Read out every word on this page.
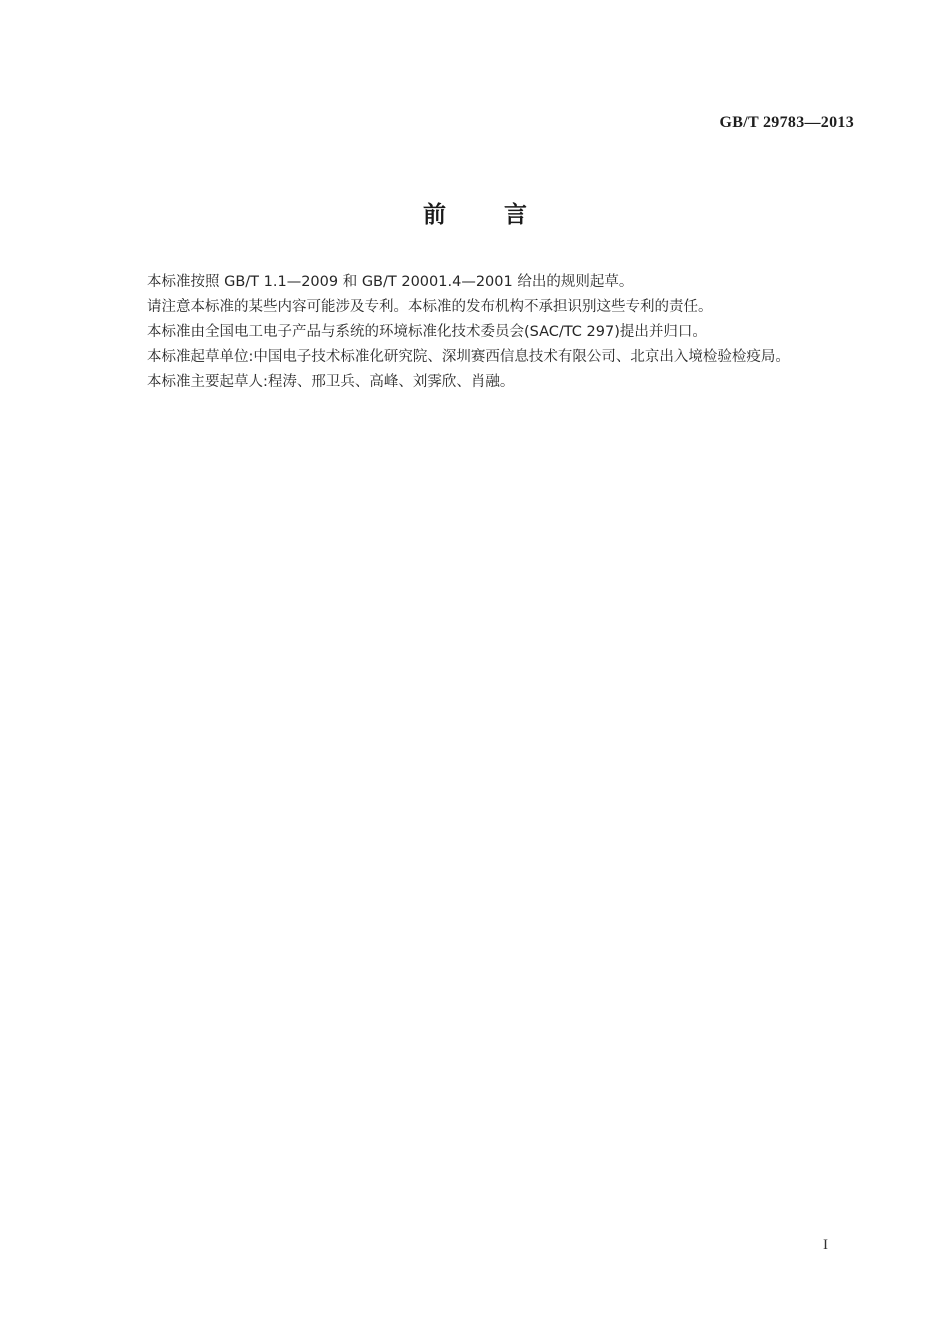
GB/T 29783—2013
前言

本标准按照 GB/T 1.1—2009 和 GB/T 20001.4—2001 给出的规则起草。

请注意本标准的某些内容可能涉及专利。本标准的发布机构不承担识别这些专利的责任。

本标准由全国电工电子产品与系统的环境标准化技术委员会(SAC/TC 297)提出并归口。

本标准起草单位:中国电子技术标准化研究院、深圳赛西信息技术有限公司、北京出入境检验检疫局。

本标准主要起草人:程涛、邢卫兵、高峰、刘霁欣、肖融。

I
